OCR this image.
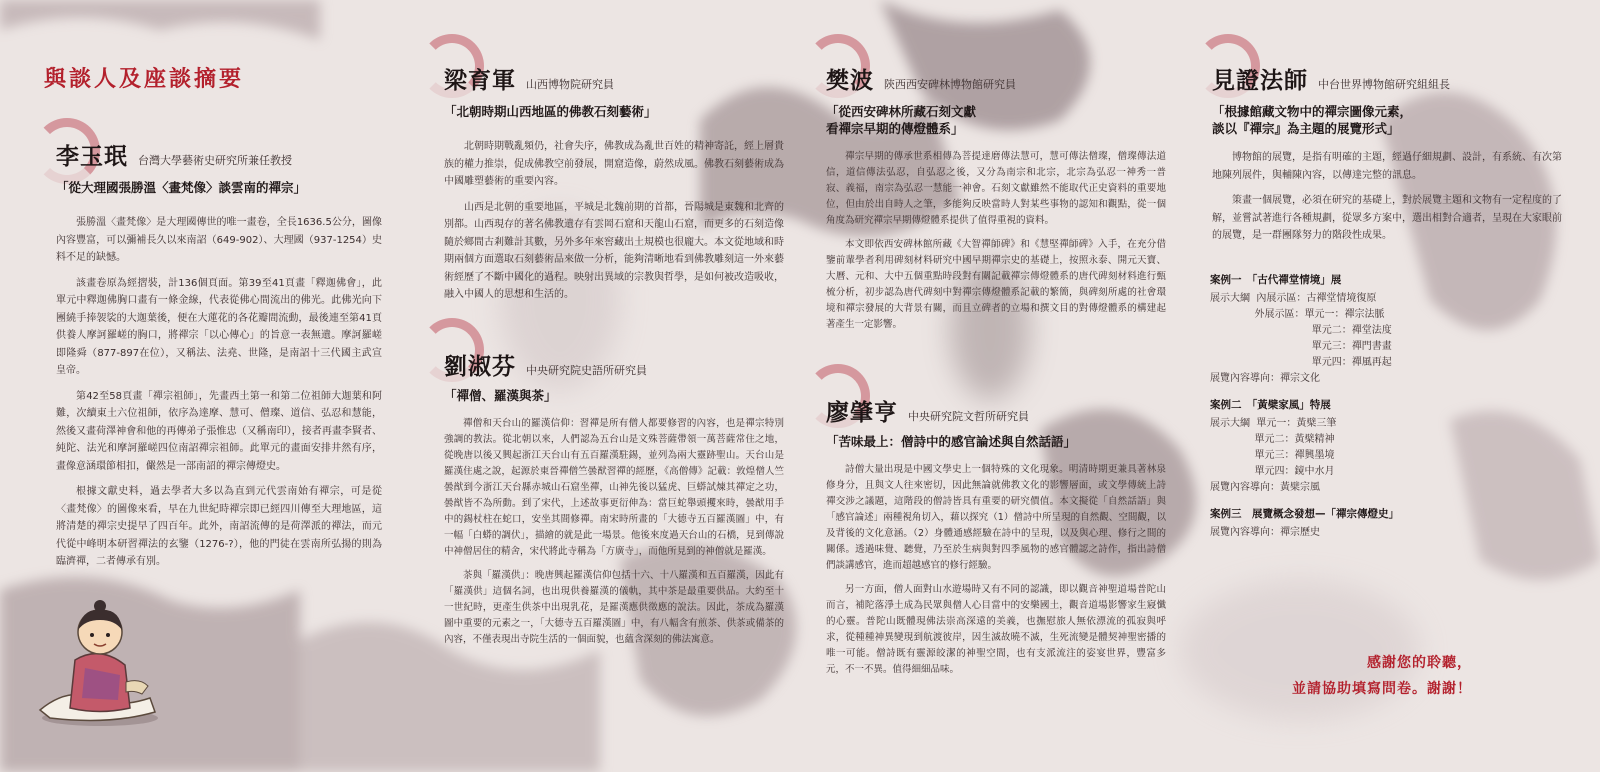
與談人及座談摘要
李玉珉 台灣大學藝術史研究所兼任教授
「從大理國張勝溫〈畫梵像〉談雲南的禪宗」

張勝溫〈畫梵像〉是大理國傳世的唯一畫卷，全長1636.5公分，圖像內容豐富，可以彌補長久以來南詔（649-902）、大理國（937-1254）史料不足的缺憾。

該畫卷原為經摺裝，計136個頁面。第39至41頁畫「釋迦佛會」，此單元中釋迦佛胸口畫有一條金線，代表從佛心間流出的佛光。此佛光向下團繞手捧袈裟的大迦葉後，便在大蓮花的各花瓣間流動，最後連至第41頁供養人摩訶羅嵯的胸口，將禪宗「以心傳心」的旨意一表無遺。摩訶羅嵯即隆舜（877-897在位），又稱法、法堯、世隆，是南詔十三代國主武宣皇帝。

第42至58頁畫「禪宗祖師」，先畫西土第一和第二位祖師大迦葉和阿難，次續東土六位祖師，依序為達摩、慧可、僧璨、道信、弘忍和慧能，然後又畫荷澤神會和他的再傳弟子張惟忠（又稱南印），接者再畫李賢者、純陀、法光和摩訶羅嵯四位南詔禪宗祖師。此單元的畫面安排井然有序，畫像意涵環節相扣，儼然是一部南詔的禪宗傳燈史。

根據文獻史料，過去學者大多以為直到元代雲南始有禪宗，可是從〈畫梵像〉的圖像來看，早在九世紀時禪宗即已經四川傳至大理地區，這將清楚的禪宗史提早了四百年。此外，南詔流傳的是荷澤派的禪法，而元代從中峰明本研習禪法的玄鑒（1276-?），他的門徒在雲南所弘揚的則為臨濟禪，二者傳承有別。

梁育軍 山西博物院研究員
「北朝時期山西地區的佛教石刻藝術」

北朝時期戰亂頻仍，社會失序，佛教成為亂世百姓的精神寄託，經上層貴族的權力推崇，促成佛教空前發展，開窟造像，蔚然成風。佛教石刻藝術成為中國雕塑藝術的重要內容。

山西是北朝的重要地區，平城是北魏前期的首都，晉陽城是東魏和北齊的別都。山西現存的著名佛教遺存有雲岡石窟和天龍山石窟，而更多的石刻造像隨於鄉間古剎難計其數，另外多年來窖藏出土規模也很龐大。本文從地域和時期兩個方面選取石刻藝術品來做一分析，能夠清晰地看到佛教雕刻這一外來藝術經歷了不斷中國化的過程。映射出異域的宗教與哲學，是如何被改造吸收，融入中國人的思想和生活的。

劉淑芬 中央研究院史語所研究員
「禪僧、羅漢與茶」

禪僧和天台山的羅漢信仰：習禪是所有僧人都要修習的內容，也是禪宗特別強調的教法。從北朝以來，人們認為五台山是文殊菩薩帶領一萬菩薩常住之地，從晚唐以後又興起浙江天台山有五百羅漢駐錫，並列為兩大靈跡聖山。天台山是羅漢住處之說，起源於東晉禪僧竺曇猷習禪的經歷，《高僧傳》記載：敦煌僧人竺曇猷到今浙江天台縣赤城山石窟坐禪，山神先後以猛虎、巨蟒試煉其禪定之功，曇猷皆不為所動。到了宋代，上述故事更衍伸為：當巨蛇舉頭攫來時，曇猷用手中的錫杖柱在蛇口，安坐其間修禪。南宋時所畫的「大德寺五百羅漢圖」中，有一幅「白蟒的調伏」，描繪的就是此一場景。他後來度過天台山的石橋，見到傳說中神僧居住的精舍，宋代將此寺稱為「方廣寺」，而他所見到的神僧就是羅漢。

茶與「羅漢供」：晚唐興起羅漢信仰包括十六、十八羅漢和五百羅漢，因此有「羅漢供」這個名詞，也出現供養羅漢的儀軌，其中茶是最重要供品。大約至十一世紀時，更產生供茶中出現乳花，是羅漢應供徵應的說法。因此，茶成為羅漢圖中重要的元素之一，「大德寺五百羅漢圖」中，有八幅含有煎茶、供茶或備茶的內容，不僅表現出寺院生活的一個面貌，也蘊含深刻的佛法寓意。

樊波 陝西西安碑林博物館研究員
「從西安碑林所藏石刻文獻
看禪宗早期的傳燈體系」

禪宗早期的傳承世系相傳為菩提達磨傳法慧可，慧可傳法僧璨，僧璨傳法道信，道信傳法弘忍，自弘忍之後，又分為南宗和北宗，北宗為弘忍一神秀一普寂、義福，南宗為弘忍一慧能一神會。石刻文獻雖然不能取代正史資料的重要地位，但由於出自時人之筆，多能夠反映當時人對某些事物的認知和觀點，從一個角度為研究禪宗早期傳燈體系提供了值得重視的資料。

本文即依西安碑林館所藏《大智禪師碑》和《慧堅禪師碑》入手，在充分借鑒前輩學者利用碑刻材料研究中國早期禪宗史的基礎上，按照永泰、開元天寶、大曆、元和、大中五個重點時段對有關記載禪宗傳燈體系的唐代碑刻材料進行甄梳分析，初步認為唐代碑刻中對禪宗傳燈體系記載的繁簡，與碑刻所處的社會環境和禪宗發展的大背景有關，而且立碑者的立場和撰文目的對傳燈體系的構建起著產生一定影響。

廖肇亨 中央研究院文哲所研究員
「苦味最上：僧詩中的感官論述與自然話語」

詩僧大量出現是中國文學史上一個特殊的文化現象。明清時期更兼具著林泉修身分，且與文人往來密切，因此無論就佛教文化的影響層面，或文學傳統上詩禪交涉之議題，這階段的僧詩皆具有重要的研究價值。本文擬從「自然話語」與「感官論述」兩種視角切入，藉以探究（1）僧詩中所呈現的自然觀、空間觀，以及背後的文化意涵。（2）身體通感經驗在詩中的呈現，以及與心理、修行之間的關係。透過味覺、聽覺，乃至於生病與對四季風物的感官體認之詩作，指出詩僧們談講感官，進而超越感官的修行經驗。

另一方面，僧人面對山水遊場時又有不同的認識，即以觀音神聖道場普陀山而言，補陀落淨土成為民眾與僧人心目當中的安樂國土，觀音道場影響家生寢懺的心靈。普陀山既體現佛法崇高深遠的美義，也撫慰旅人無依漂流的孤寂與呼求，從種種神異變現到航渡彼岸，因生滅故曉不滅，生死流變是體契神聖密播的唯一可能。僧詩既有靈源皎潔的神聖空間，也有支派流注的姿宴世界，豐富多元，不一不異。值得細細品味。

見證法師 中台世界博物館研究組組長
「根據館藏文物中的禪宗圖像元素，
談以『禪宗』為主題的展覽形式」

博物館的展覽，是指有明確的主題，經過仔細規劃、設計，有系統、有次第地陳列展件，與輔陳內容，以傳達完整的訊息。

策畫一個展覽，必須在研究的基礎上，對於展覽主題和文物有一定程度的了解，並嘗試著進行各種規劃，從眾多方案中，選出相對合適者，呈現在大家眼前的展覽，是一群團隊努力的階段性成果。

案例一　「古代禪堂情境」展
展示大綱  內展示區：古禪堂情境復原
外展示區：單元一：禪宗法脈
單元二：禪堂法度
單元三：禪門書畫
單元四：禪風再起
展覽內容導向：禪宗文化
案例二　「黃檗家風」特展
展示大綱  單元一：黃檗三筆
單元二：黃檗精神
單元三：禪興墨境
單元四：鏡中水月
展覽內容導向：黃檗宗風
案例三　展覽概念發想—「禪宗傳燈史」
展覽內容導向：禪宗歷史
感謝您的聆聽，
並請協助填寫問卷。謝謝！
